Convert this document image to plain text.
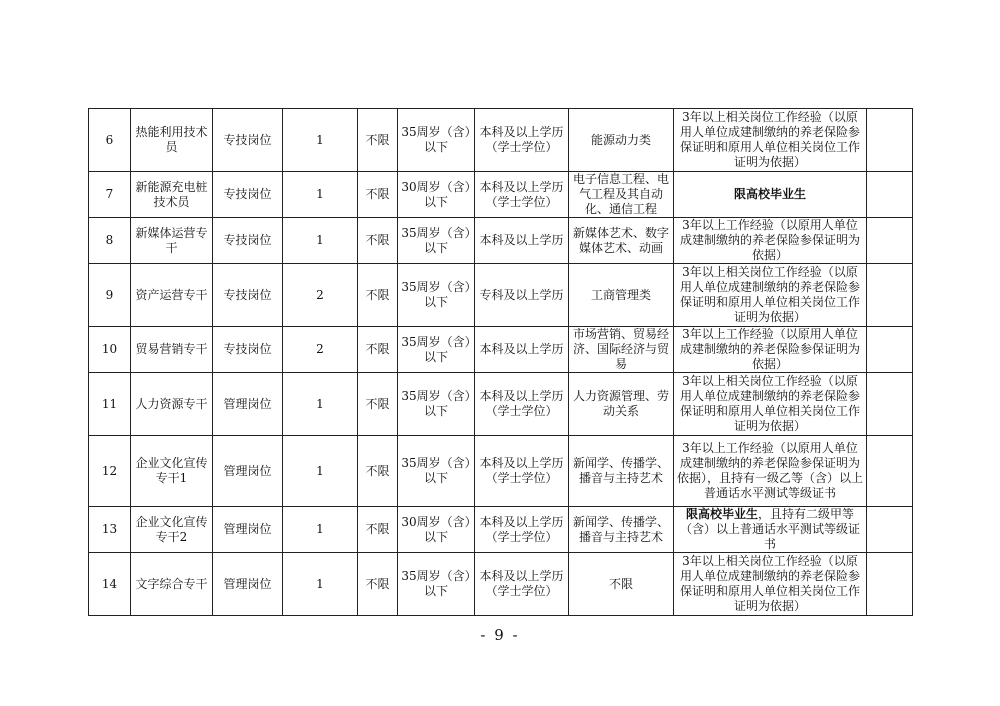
6	热能利用技术员	专技岗位	1	不限	35周岁（含）以下	本科及以上学历（学士学位）	能源动力类	3年以上相关岗位工作经验（以原用人单位成建制缴纳的养老保险参保证明和原用人单位相关岗位工作证明为依据）	
7	新能源充电桩技术员	专技岗位	1	不限	30周岁（含）以下	本科及以上学历（学士学位）	电子信息工程、电气工程及其自动化、通信工程	限高校毕业生	
8	新媒体运营专干	专技岗位	1	不限	35周岁（含）以下	本科及以上学历	新媒体艺术、数字媒体艺术、动画	3年以上工作经验（以原用人单位成建制缴纳的养老保险参保证明为依据）	
9	资产运营专干	专技岗位	2	不限	35周岁（含）以下	专科及以上学历	工商管理类	3年以上相关岗位工作经验（以原用人单位成建制缴纳的养老保险参保证明和原用人单位相关岗位工作证明为依据）	
10	贸易营销专干	专技岗位	2	不限	35周岁（含）以下	本科及以上学历	市场营销、贸易经济、国际经济与贸易	3年以上工作经验（以原用人单位成建制缴纳的养老保险参保证明为依据）	
11	人力资源专干	管理岗位	1	不限	35周岁（含）以下	本科及以上学历（学士学位）	人力资源管理、劳动关系	3年以上相关岗位工作经验（以原用人单位成建制缴纳的养老保险参保证明和原用人单位相关岗位工作证明为依据）	
12	企业文化宣传专干1	管理岗位	1	不限	35周岁（含）以下	本科及以上学历（学士学位）	新闻学、传播学、播音与主持艺术	3年以上工作经验（以原用人单位成建制缴纳的养老保险参保证明为依据），且持有一级乙等（含）以上普通话水平测试等级证书	
13	企业文化宣传专干2	管理岗位	1	不限	30周岁（含）以下	本科及以上学历（学士学位）	新闻学、传播学、播音与主持艺术	限高校毕业生，且持有二级甲等（含）以上普通话水平测试等级证书	
14	文字综合专干	管理岗位	1	不限	35周岁（含）以下	本科及以上学历（学士学位）	不限	3年以上相关岗位工作经验（以原用人单位成建制缴纳的养老保险参保证明和原用人单位相关岗位工作证明为依据）	
- 9 -
